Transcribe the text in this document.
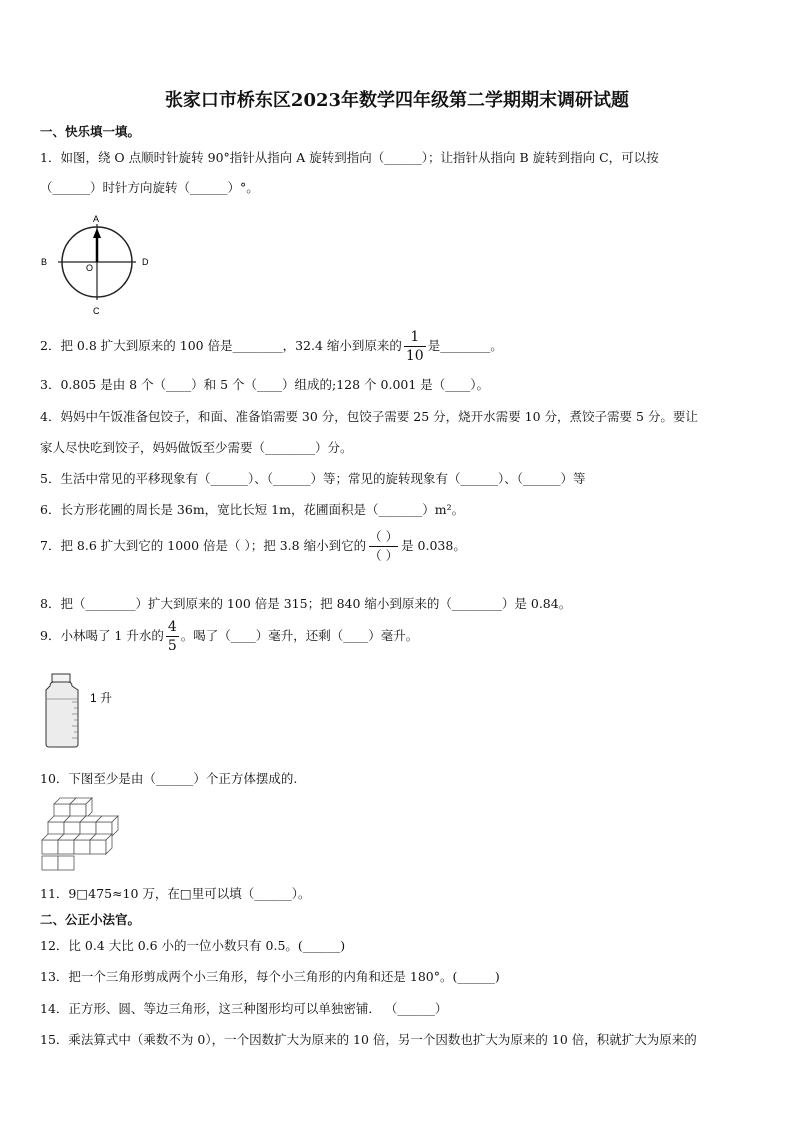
张家口市桥东区2023年数学四年级第二学期期末调研试题
一、快乐填一填。
1．如图，绕 O 点顺时针旋转 90°指针从指向 A 旋转到指向（______）；让指针从指向 B 旋转到指向 C，可以按
（______）时针方向旋转（______）°。
A
B	D
C
O
2．把 0.8 扩大到原来的 100 倍是________，32.4 缩小到原来的 $\frac{1}{10}$ 是________。
3．0.805 是由 8 个（____）和 5 个（____）组成的;128 个 0.001 是（____）。
4．妈妈中午饭准备包饺子，和面、准备馅需要 30 分，包饺子需要 25 分，烧开水需要 10 分，煮饺子需要 5 分。要让
家人尽快吃到饺子，妈妈做饭至少需要（________）分。
5．生活中常见的平移现象有（______）、（______）等；常见的旋转现象有（______）、（______）等
6．长方形花圃的周长是 36m，宽比长短 1m，花圃面积是（_______）m²。
7．把 8.6 扩大到它的 1000 倍是（ ）；把 3.8 缩小到它的 $\frac{( )}{( )}$ 是 0.038。
8．把（________）扩大到原来的 100 倍是 315；把 840 缩小到原来的（________）是 0.84。
9．小林喝了 1 升水的 $\frac{4}{5}$ 。喝了（____）毫升，还剩（____）毫升。
1 升
10．下图至少是由（______）个正方体摆成的.
11．9□475≈10 万，在□里可以填（______）。
二、公正小法官。
12．比 0.4 大比 0.6 小的一位小数只有 0.5。(______)
13．把一个三角形剪成两个小三角形，每个小三角形的内角和还是 180°。(______)
14．正方形、圆、等边三角形，这三种图形均可以单独密铺． （______）
15．乘法算式中（乘数不为 0），一个因数扩大为原来的 10 倍，另一个因数也扩大为原来的 10 倍，积就扩大为原来的
